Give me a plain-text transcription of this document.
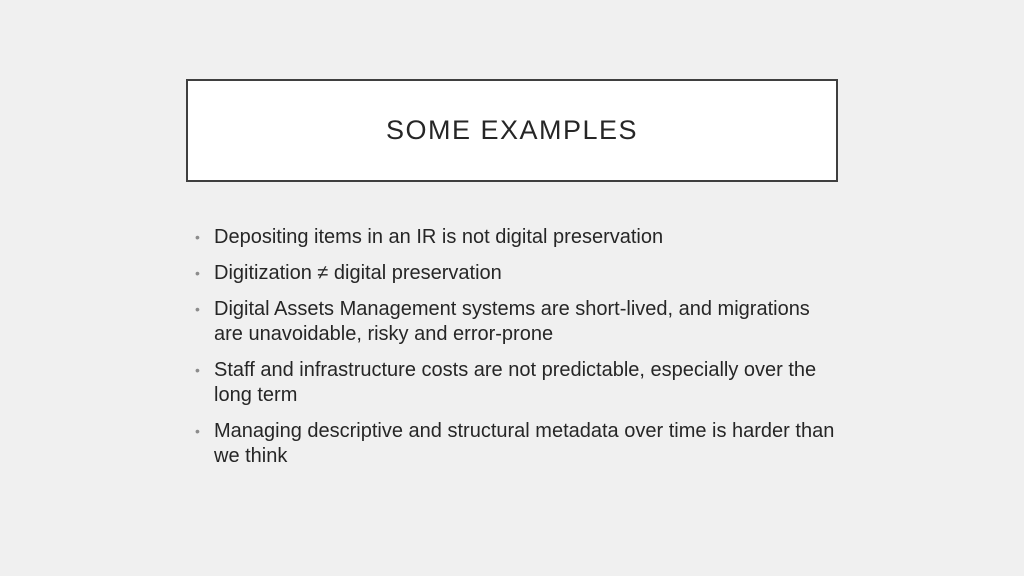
SOME EXAMPLES
• Depositing items in an IR is not digital preservation
• Digitization ≠ digital preservation
• Digital Assets Management systems are short-lived, and migrations are unavoidable, risky and error-prone
• Staff and infrastructure costs are not predictable, especially over the long term
• Managing descriptive and structural metadata over time is harder than we think
